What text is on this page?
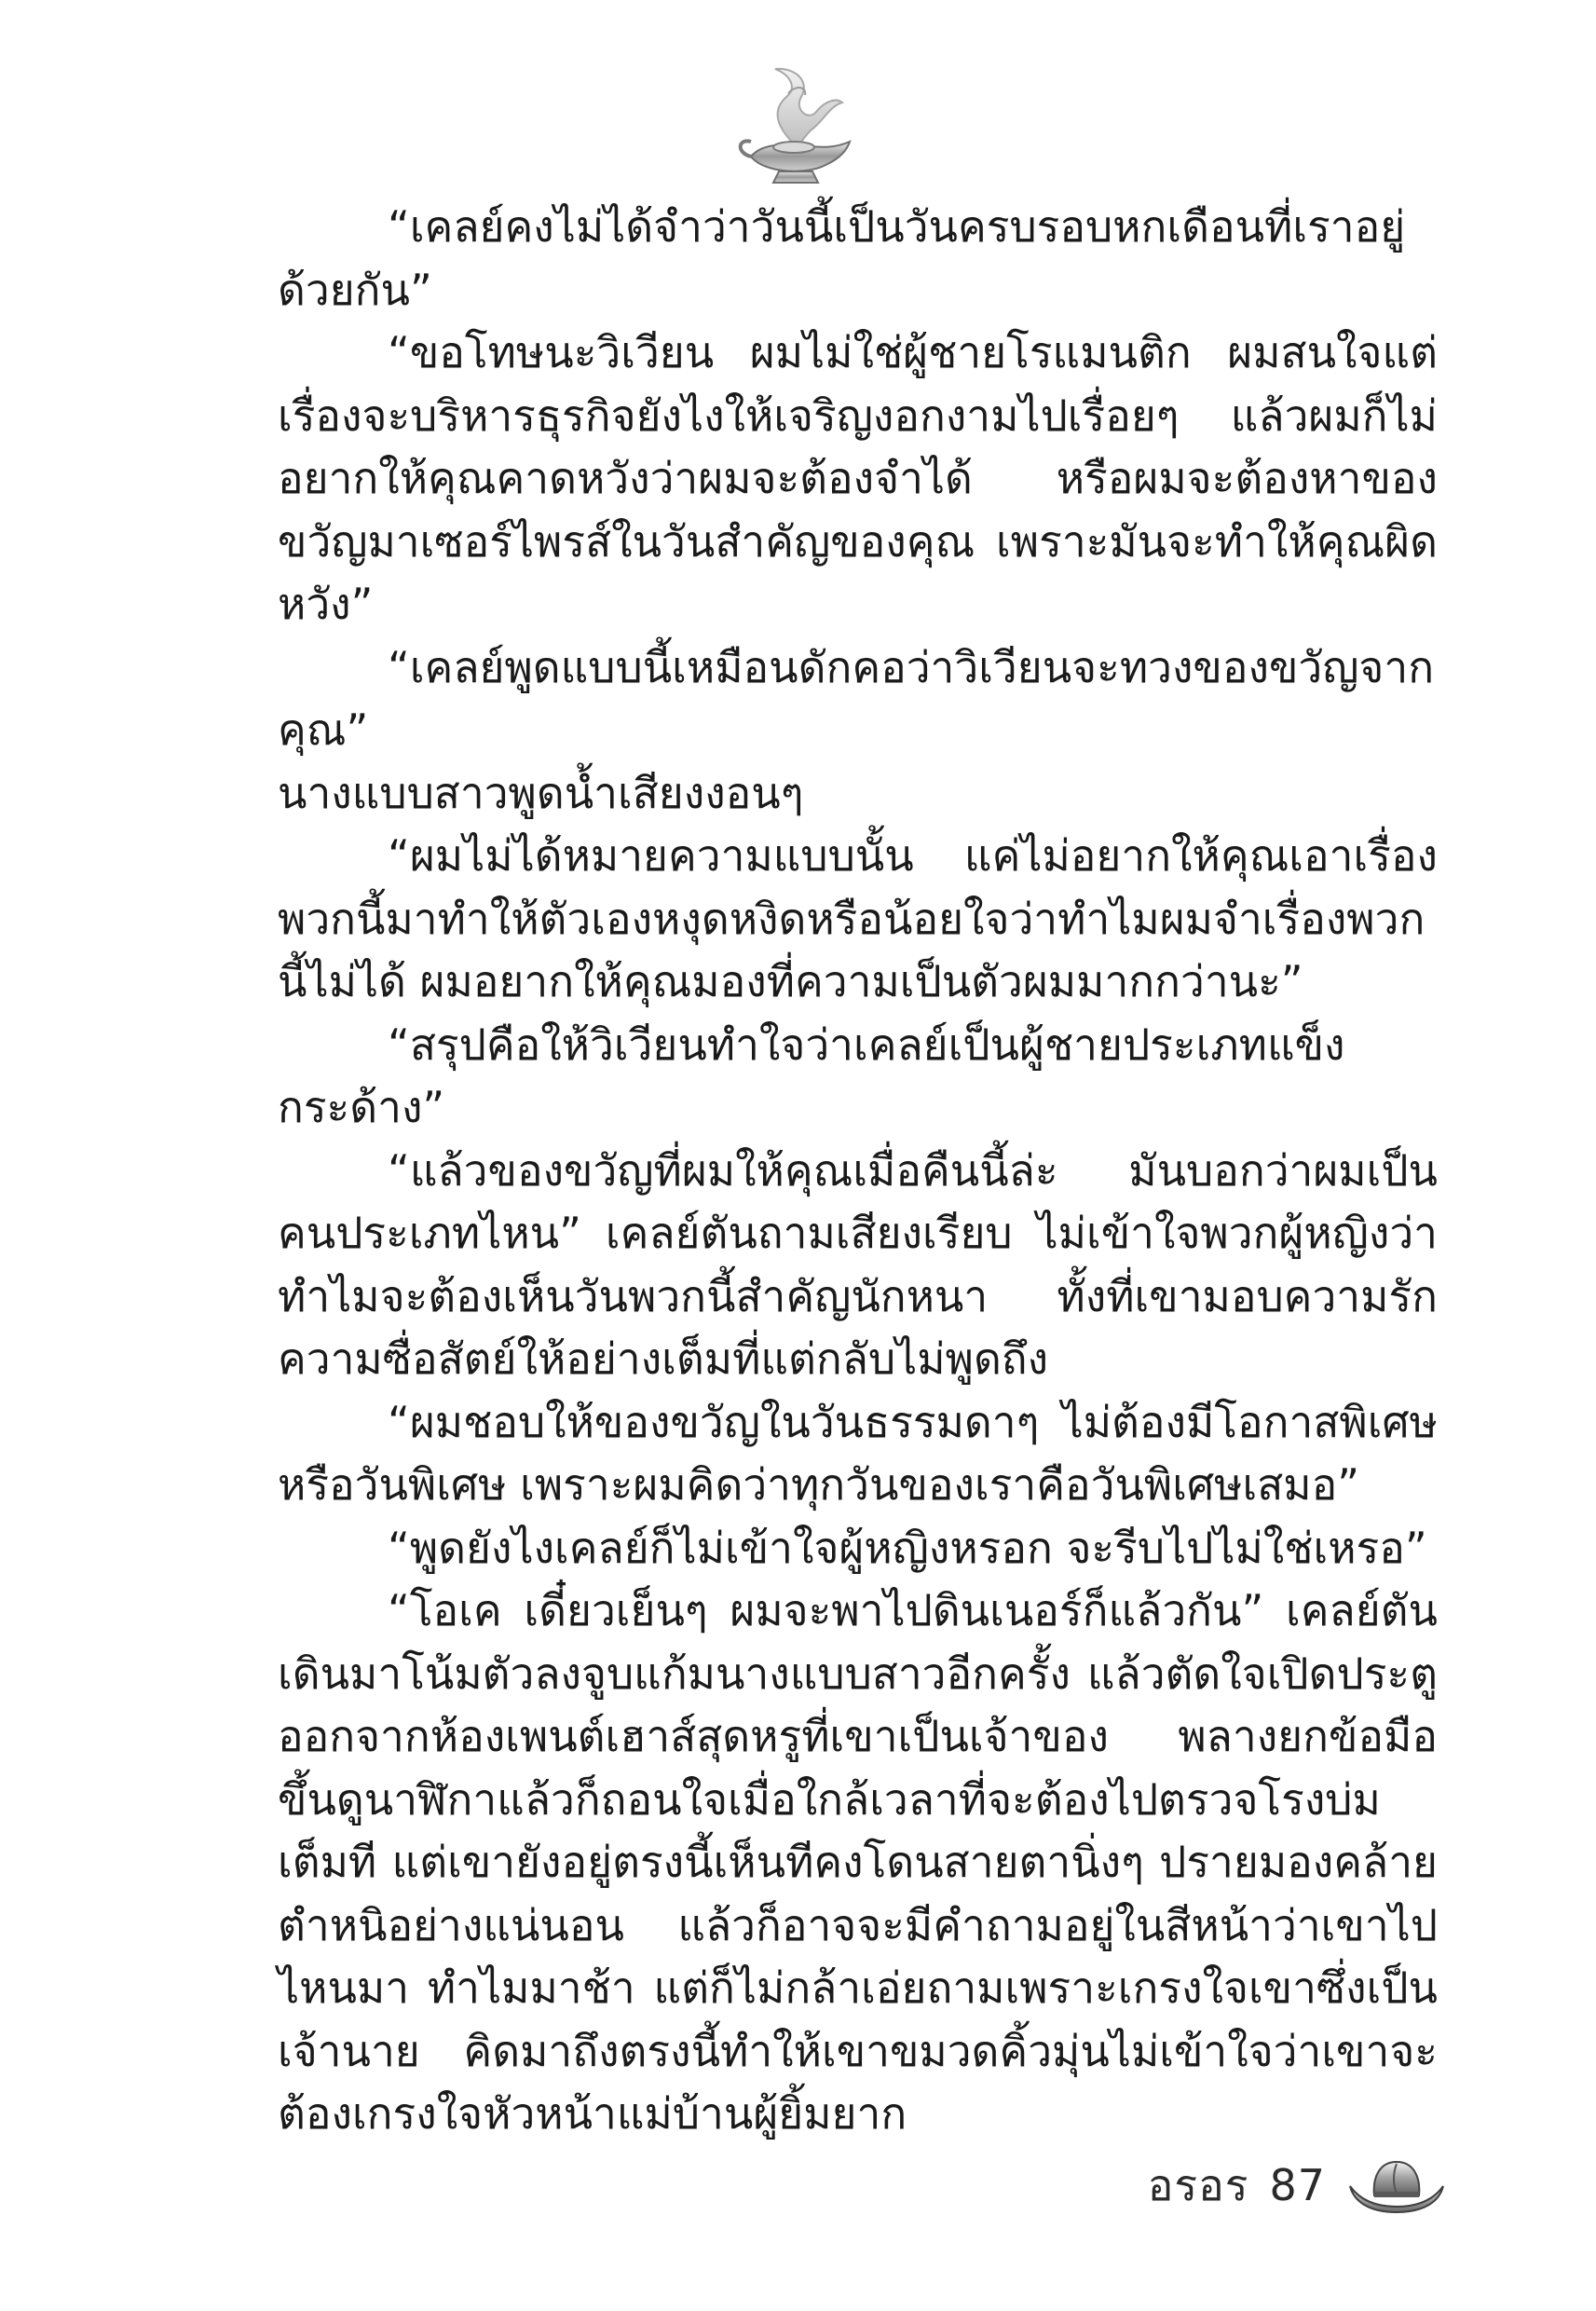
“เคลย์คงไม่ได้จำว่าวันนี้เป็นวันครบรอบหกเดือนที่เราอยู่ด้วยกัน”

“ขอโทษนะวิเวียน ผมไม่ใช่ผู้ชายโรแมนติก ผมสนใจแต่เรื่องจะบริหารธุรกิจยังไงให้เจริญงอกงามไปเรื่อยๆ แล้วผมก็ไม่อยากให้คุณคาดหวังว่าผมจะต้องจำได้ หรือผมจะต้องหาของขวัญมาเซอร์ไพรส์ในวันสำคัญของคุณ เพราะมันจะทำให้คุณผิดหวัง”

“เคลย์พูดแบบนี้เหมือนดักคอว่าวิเวียนจะทวงของขวัญจากคุณ”

นางแบบสาวพูดน้ำเสียงงอนๆ

“ผมไม่ได้หมายความแบบนั้น แค่ไม่อยากให้คุณเอาเรื่องพวกนี้มาทำให้ตัวเองหงุดหงิดหรือน้อยใจว่าทำไมผมจำเรื่องพวกนี้ไม่ได้ ผมอยากให้คุณมองที่ความเป็นตัวผมมากกว่านะ”

“สรุปคือให้วิเวียนทำใจว่าเคลย์เป็นผู้ชายประเภทแข็งกระด้าง”

“แล้วของขวัญที่ผมให้คุณเมื่อคืนนี้ล่ะ มันบอกว่าผมเป็นคนประเภทไหน” เคลย์ตันถามเสียงเรียบ ไม่เข้าใจพวกผู้หญิงว่าทำไมจะต้องเห็นวันพวกนี้สำคัญนักหนา ทั้งที่เขามอบความรักความซื่อสัตย์ให้อย่างเต็มที่แต่กลับไม่พูดถึง

“ผมชอบให้ของขวัญในวันธรรมดาๆ ไม่ต้องมีโอกาสพิเศษหรือวันพิเศษ เพราะผมคิดว่าทุกวันของเราคือวันพิเศษเสมอ”

“พูดยังไงเคลย์ก็ไม่เข้าใจผู้หญิงหรอก จะรีบไปไม่ใช่เหรอ”

“โอเค เดี๋ยวเย็นๆ ผมจะพาไปดินเนอร์ก็แล้วกัน” เคลย์ตันเดินมาโน้มตัวลงจูบแก้มนางแบบสาวอีกครั้ง แล้วตัดใจเปิดประตูออกจากห้องเพนต์เฮาส์สุดหรูที่เขาเป็นเจ้าของ พลางยกข้อมือขึ้นดูนาฬิกาแล้วก็ถอนใจเมื่อใกล้เวลาที่จะต้องไปตรวจโรงบ่มเต็มที แต่เขายังอยู่ตรงนี้เห็นทีคงโดนสายตานิ่งๆ ปรายมองคล้ายตำหนิอย่างแน่นอน แล้วก็อาจจะมีคำถามอยู่ในสีหน้าว่าเขาไปไหนมา ทำไมมาช้า แต่ก็ไม่กล้าเอ่ยถามเพราะเกรงใจเขาซึ่งเป็นเจ้านาย คิดมาถึงตรงนี้ทำให้เขาขมวดคิ้วมุ่นไม่เข้าใจว่าเขาจะต้องเกรงใจหัวหน้าแม่บ้านผู้ยิ้มยาก

อรอร 87
